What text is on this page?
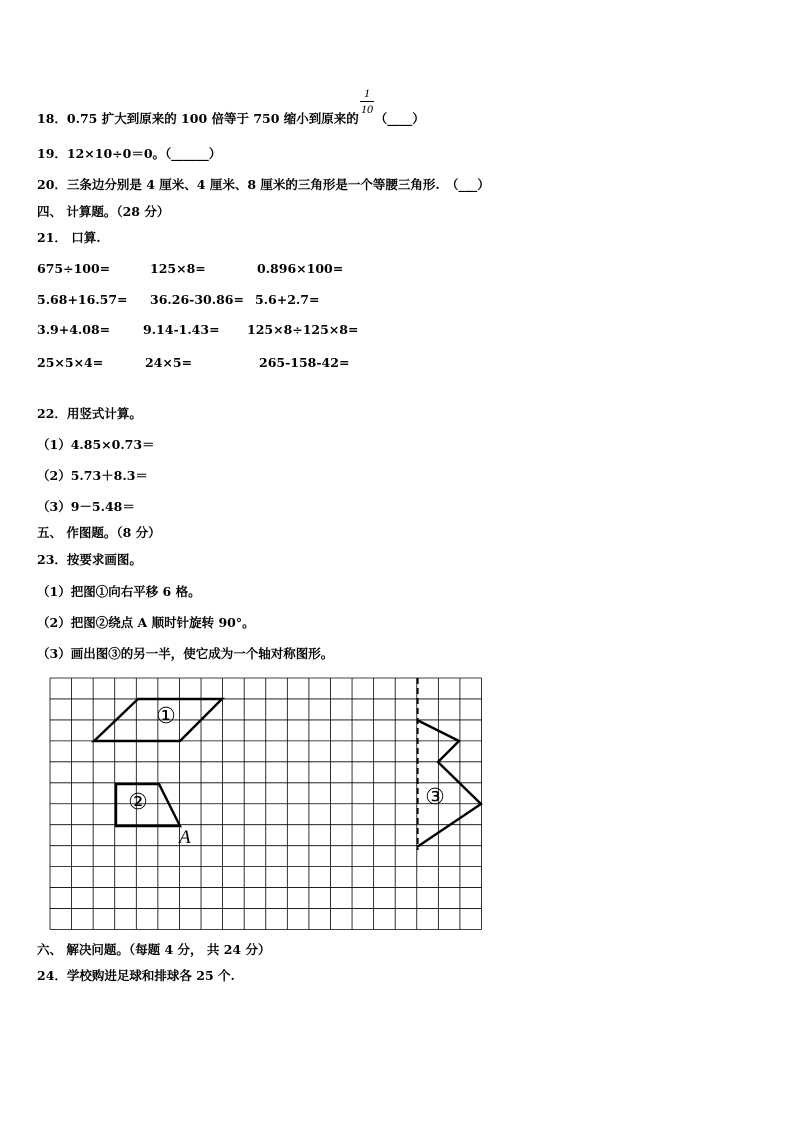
18．0.75 扩大到原来的 100 倍等于 750 缩小到原来的 （____）
1
10
19．12×10÷0＝0。（______）
20．三条边分别是 4 厘米、4 厘米、8 厘米的三角形是一个等腰三角形.　（___）
四、 计算题。（28 分）
21． 口算.
675÷100=	125×8=	0.896×100=
5.68+16.57= 36.26-30.86= 5.6+2.7=
3.9+4.08=	9.14-1.43= 125×8÷125×8=
25×5×4=	24×5=	265-158-42=
22．用竖式计算。
（1）4.85×0.73＝
（2）5.73＋8.3＝
（3）9－5.48＝
五、 作图题。（8 分）
23．按要求画图。
（1）把图①向右平移 6 格。
（2）把图②绕点 A 顺时针旋转 90°。
（3）画出图③的另一半，使它成为一个轴对称图形。
①
②	③
A
六、 解决问题。（每题 4 分， 共 24 分）
24．学校购进足球和排球各 25 个.
